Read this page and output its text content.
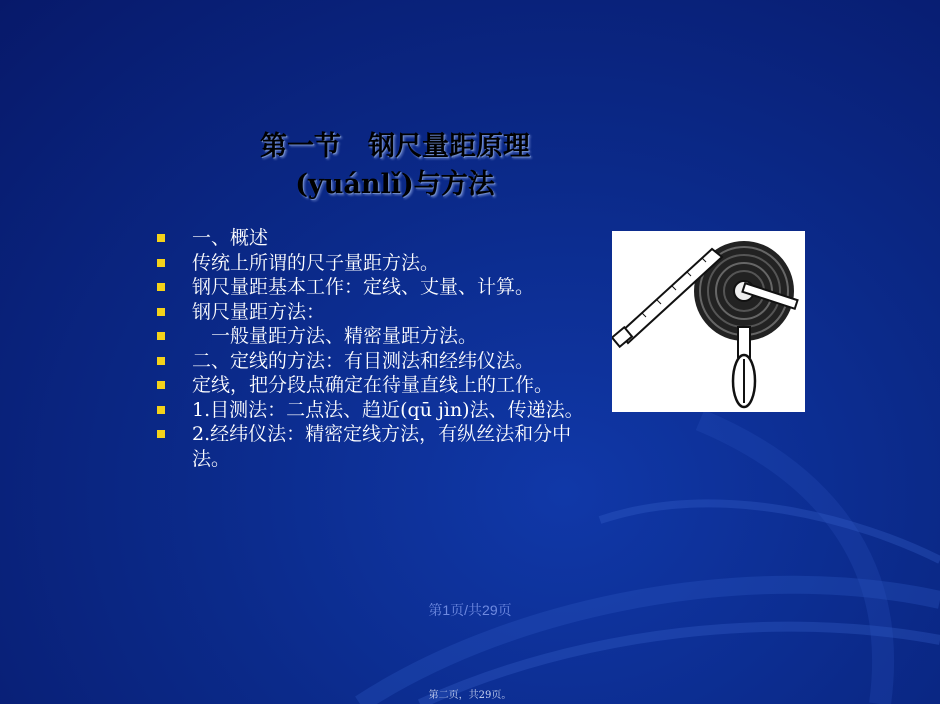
第一节　钢尺量距原理
(yuánlǐ)与方法
一、概述
传统上所谓的尺子量距方法。
钢尺量距基本工作：定线、丈量、计算。
钢尺量距方法：
　一般量距方法、精密量距方法。
二、定线的方法：有目测法和经纬仪法。
定线，把分段点确定在待量直线上的工作。
1.目测法：二点法、趋近(qū jìn)法、传递法。
2.经纬仪法：精密定线方法，有纵丝法和分中法。
第1页/共29页
第二页，共29页。
